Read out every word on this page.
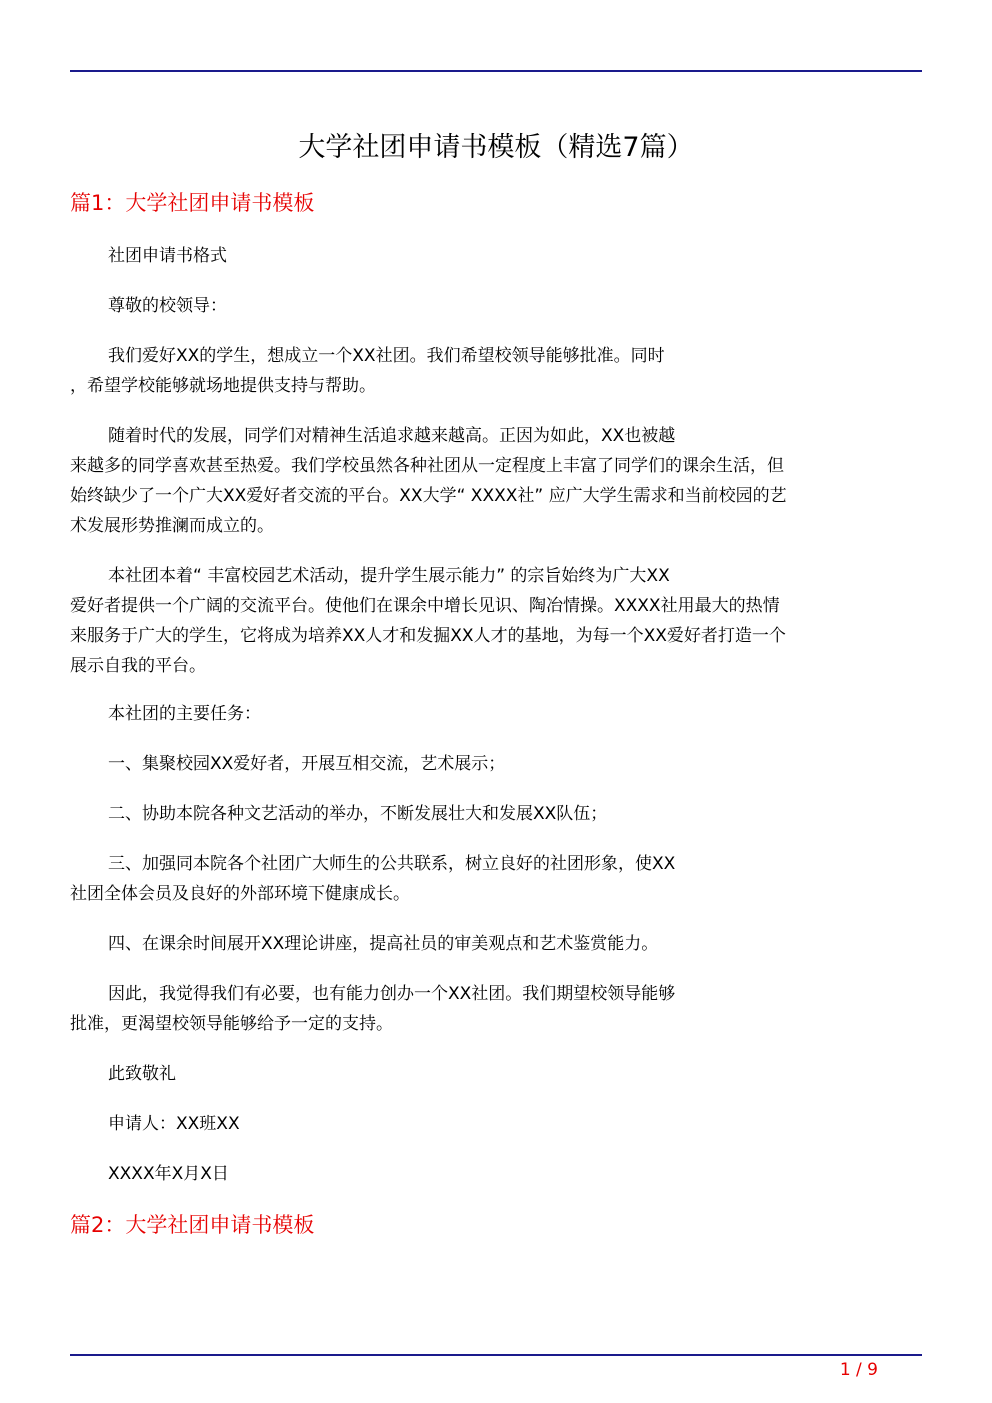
大学社团申请书模板（精选7篇）
篇1：大学社团申请书模板

社团申请书格式

尊敬的校领导：

我们爱好XX的学生，想成立一个XX社团。我们希望校领导能够批准。同时
，希望学校能够就场地提供支持与帮助。

随着时代的发展，同学们对精神生活追求越来越高。正因为如此，XX也被越
来越多的同学喜欢甚至热爱。我们学校虽然各种社团从一定程度上丰富了同学们的课余生活，但
始终缺少了一个广大XX爱好者交流的平台。XX大学“ XXXX社” 应广大学生需求和当前校园的艺
术发展形势推澜而成立的。

本社团本着“ 丰富校园艺术活动，提升学生展示能力” 的宗旨始终为广大XX
爱好者提供一个广阔的交流平台。使他们在课余中增长见识、陶冶情操。XXXX社用最大的热情
来服务于广大的学生，它将成为培养XX人才和发掘XX人才的基地，为每一个XX爱好者打造一个
展示自我的平台。

本社团的主要任务：

一、集聚校园XX爱好者，开展互相交流，艺术展示；

二、协助本院各种文艺活动的举办，不断发展壮大和发展XX队伍；

三、加强同本院各个社团广大师生的公共联系，树立良好的社团形象，使XX
社团全体会员及良好的外部环境下健康成长。

四、在课余时间展开XX理论讲座，提高社员的审美观点和艺术鉴赏能力。

因此，我觉得我们有必要，也有能力创办一个XX社团。我们期望校领导能够
批准，更渴望校领导能够给予一定的支持。

此致敬礼

申请人：XX班XX

XXXX年X月X日

篇2：大学社团申请书模板
1 / 9
